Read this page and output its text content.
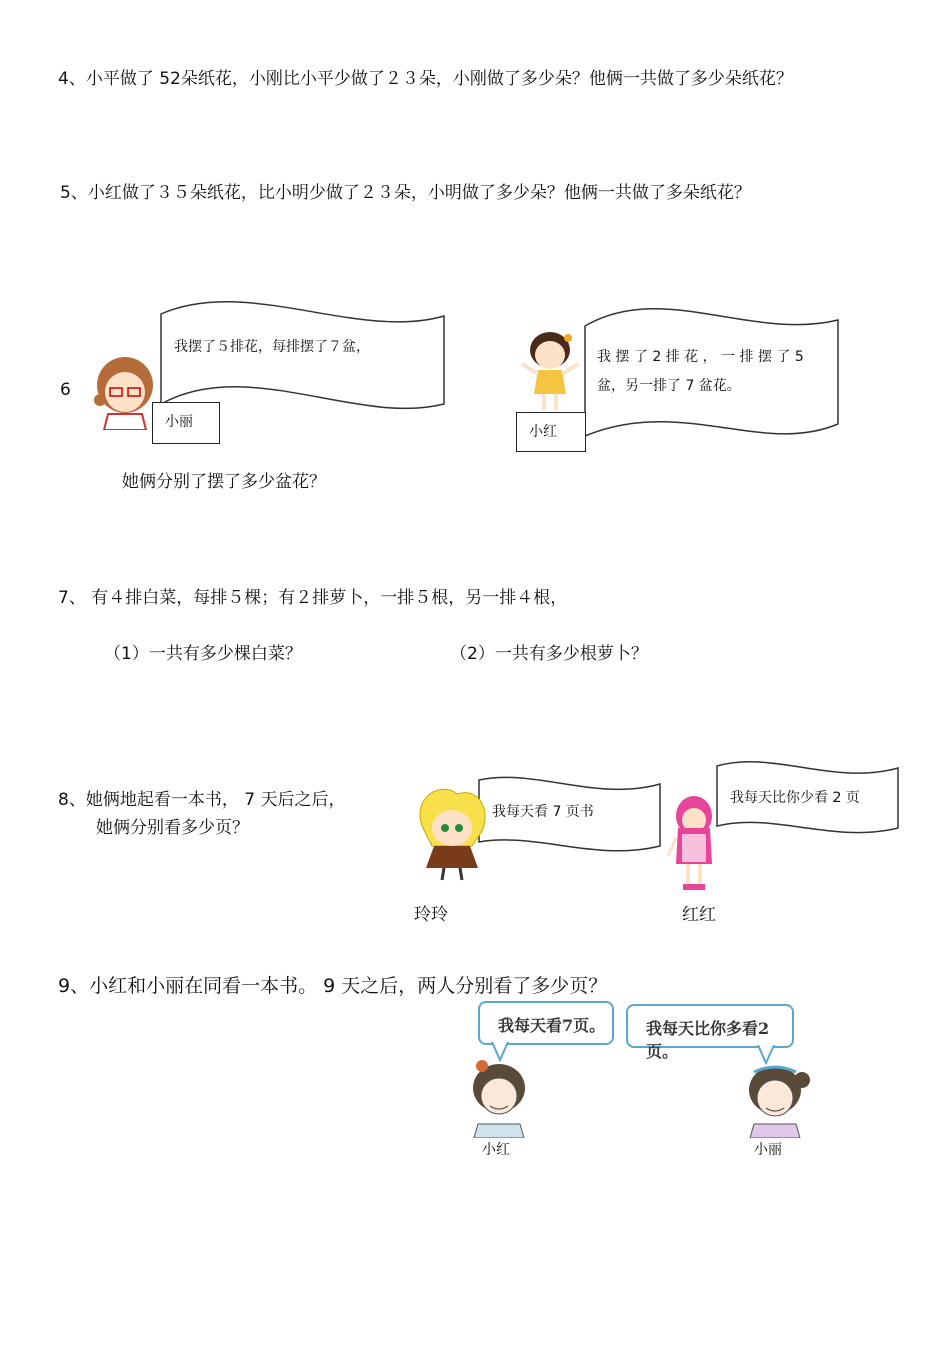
4、小平做了 52朵纸花，小刚比小平少做了２３朵，小刚做了多少朵？他俩一共做了多少朵纸花？
5、小红做了３５朵纸花，比小明少做了２３朵，小明做了多少朵？他俩一共做了多朵纸花？
6
我摆了５排花，每排摆了７盆，
小丽
我 摆 了 2 排 花 ， 一 排 摆 了 5
盆，另一排了 7 盆花。
小红
她俩分别了摆了多少盆花？
7、 有４排白菜，每排５棵；有２排萝卜，一排５根，另一排４根，
（1）一共有多少棵白菜？	（2）一共有多少根萝卜？
8、她俩地起看一本书， 7 天后之后，
她俩分别看多少页？
我每天看 7 页书
我每天比你少看 2 页
玲玲	红红
9、小红和小丽在同看一本书。 9 天之后，两人分别看了多少页？
我每天看7页。	我每天比你多看2页。
小红	小丽
